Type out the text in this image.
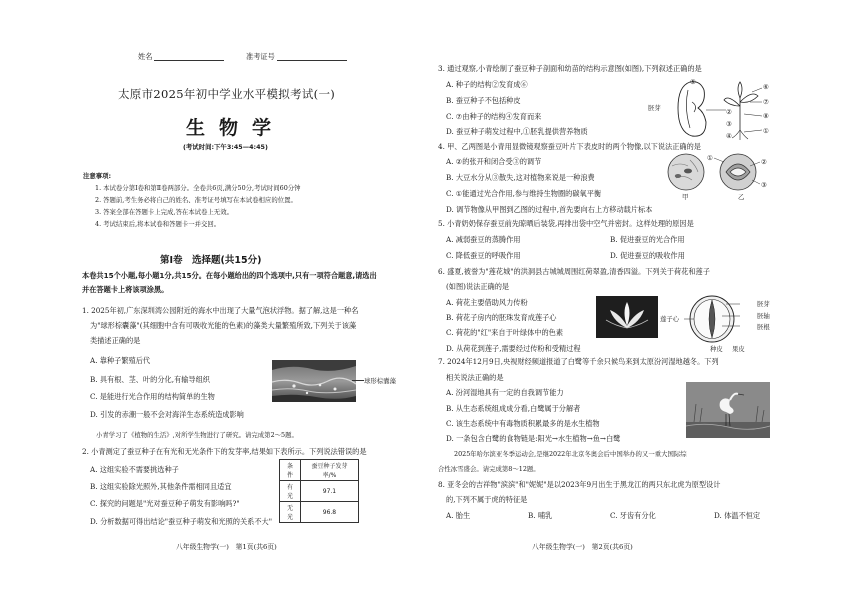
姓名	准考证号
太原市2025年初中学业水平模拟考试(一)
生物学
(考试时间:下午3:45—4:45)
注意事项:
1. 本试卷分第Ⅰ卷和第Ⅱ卷两部分。全卷共6页,满分50分,考试时间60分钟
2. 答题前,考生务必将自己的姓名、准考证号填写在本试卷相应的位置。
3. 答案全部在答题卡上完成,答在本试卷上无效。
4. 考试结束后,将本试卷和答题卡一并交回。
第Ⅰ卷　选择题(共15分)
本卷共15个小题,每小题1分,共15分。在每小题给出的四个选项中,只有一项符合题意,请选出
并在答题卡上将该项涂黑。
1. 2025年初,广东深圳湾公园附近的海水中出现了大量气泡状浮物。据了解,这是一种名
为"球形棕囊藻"(其细胞中含有可吸收光能的色素)的藻类大量繁殖所致,下列关于该藻
类描述正确的是
A. 靠种子繁殖后代
B. 具有根、茎、叶的分化,有输导组织
C. 是能进行光合作用的结构简单的生物
D. 引发的赤潮一般不会对海洋生态系统造成影响
球形棕囊藻
小青学习了《植物的生活》,对所学生物进行了研究。请完成第2～5题。
2. 小青测定了蚕豆种子在有光和无光条件下的发芽率,结果如下表所示。下列说法错误的是
A. 这组实验不需要挑选种子
B. 这组实验除光照外,其他条件需相同且适宜
C. 探究的问题是"光对蚕豆种子萌发有影响吗?"
D. 分析数据可得出结论"蚕豆种子萌发和光照的关系不大"
条件	蚕豆种子发芽率/%
有光	97.1
无光	96.8
八年级生物学(一)　第1页(共6页)
3. 通过观察,小青绘制了蚕豆种子剖面和幼苗的结构示意图(如图),下列叙述正确的是
A. 种子的结构②发育成⑥
B. 蚕豆种子不包括种皮
C. ⑦由种子的结构④发育而来
D. 蚕豆种子萌发过程中,①胚乳提供营养物质
胚芽
⑤
⑥
⑦
⑧
①
②
③
④
4. 甲、乙两图是小青用显微镜观察蚕豆叶片下表皮时的两个物像,以下说法正确的是
A. ②的张开和闭合受③的调节
B. 大豆水分从③散失,这对植物来说是一种浪费
C. ①能通过光合作用,参与维持生物圈的碳氧平衡
D. 调节物像从甲图到乙图的过程中,首先要向右上方移动载片标本
甲	乙
①	②
③
5. 小青奶奶保存蚕豆前先晾晒后装袋,再排出袋中空气并密封。这样处理的原因是
A. 减弱蚕豆的蒸腾作用	B. 促进蚕豆的光合作用
C. 降低蚕豆的呼吸作用	D. 促进蚕豆的吸收作用
6. 盛夏,被誉为"莲花城"的洪洞县古城城周围红荷翠盈,清香四溢。下列关于荷花和莲子
(如图)说法正确的是
A. 荷花主要借助风力传粉
B. 荷花子房内的胚珠发育成莲子心
C. 荷花的"红"来自于叶绿体中的色素
D. 从荷花到莲子,需要经过传粉和受精过程
莲子心
胚芽
胚轴
胚根
种皮 果皮
7. 2024年12月9日,央视财经频道报道了白鹭等千余只候鸟来到太原汾河湿地越冬。下列
相关说法正确的是
A. 汾河湿地具有一定的自我调节能力
B. 从生态系统组成成分看,白鹭属于分解者
C. 该生态系统中有毒物质积累最多的是水生植物
D. 一条包含白鹭的食物链是:阳光→水生植物→鱼→白鹭
2025年哈尔滨亚冬季运动会,是继2022年北京冬奥会后中国举办的又一重大国际综
合性冰雪盛会。请完成第8～12题。
8. 亚冬会的吉祥物"滨滨"和"妮妮"是以2023年9月出生于黑龙江的两只东北虎为原型设计
的,下列不属于虎的特征是
A. 胎生	B. 哺乳	C. 牙齿有分化	D. 体温不恒定
八年级生物学(一)　第2页(共6页)
